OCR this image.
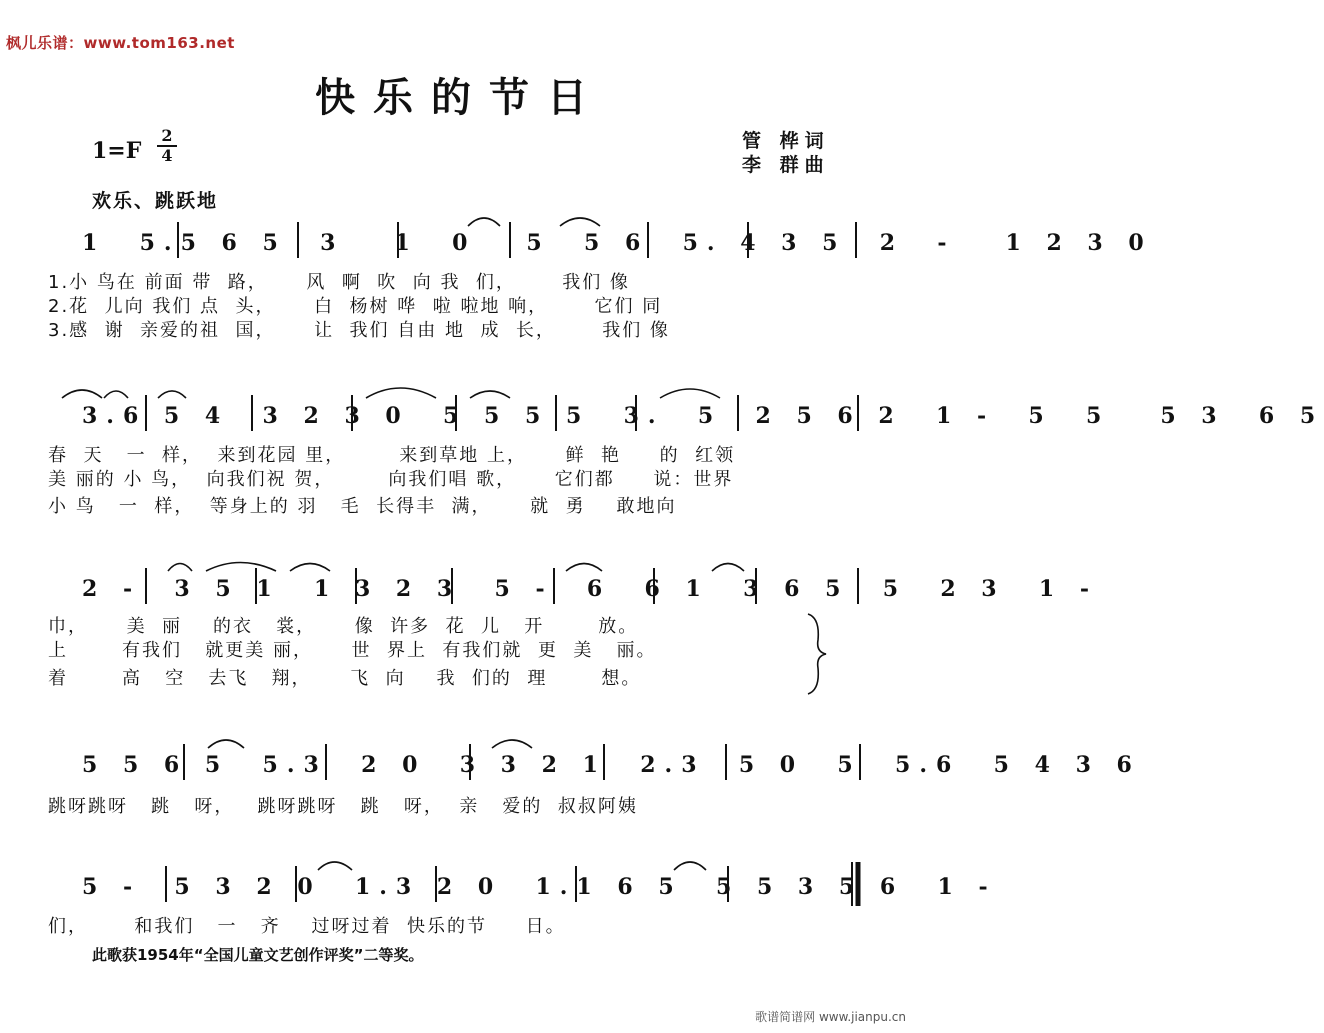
枫儿乐谱：www.tom163.net
快乐的节日
1=F
2
4
管 桦词
李 群曲
欢乐、跳跃地
1  5.5 6 5  3   1  0   5  5 6  5. 4 3 5  2  -   1 2 3 0
1.小 鸟在 前面 带  路，     风  啊  吹  向 我  们，      我们 像
2.花  儿向 我们 点  头，     白  杨树 哗  啦 啦地 响，      它们 同
3.感  谢  亲爱的祖  国，     让  我们 自由 地  成  长，      我们 像
3.6 5 4  3 2 3 0  5 5 5 5  3.  5  2 5 6 2  1 -  5  5   5 3  6 5
春  天   一  样，  来到花园 里，       来到草地 上，     鲜  艳     的  红领
美 丽的 小 鸟，  向我们祝 贺，       向我们唱 歌，     它们都     说：世界
小 鸟   一  样，  等身上的 羽   毛  长得丰  满，     就  勇    敢地向
2 -  3 5 1  1 3 2 3  5 -  6  6 1  3 6 5  5  2 3  1 -
巾，     美  丽    的衣   裳，     像  许多  花  儿   开       放。
上       有我们   就更美 丽，     世  界上  有我们就  更  美   丽。
着       高   空   去飞   翔，     飞  向    我  们的  理       想。
5 5 6 5  5.3  2 0  3 3 2 1  2.3  5 0  5  5.6  5 4 3 6
跳呀跳呀   跳   呀，   跳呀跳呀   跳   呀，  亲   爱的  叔叔阿姨
5 -  5 3 2 0  1.3 2 0  1.1 6 5  5 5 3 5 6  1 -
们，      和我们   一   齐    过呀过着  快乐的节     日。
此歌获1954年“全国儿童文艺创作评奖”二等奖。
歌谱简谱网 www.jianpu.cn
